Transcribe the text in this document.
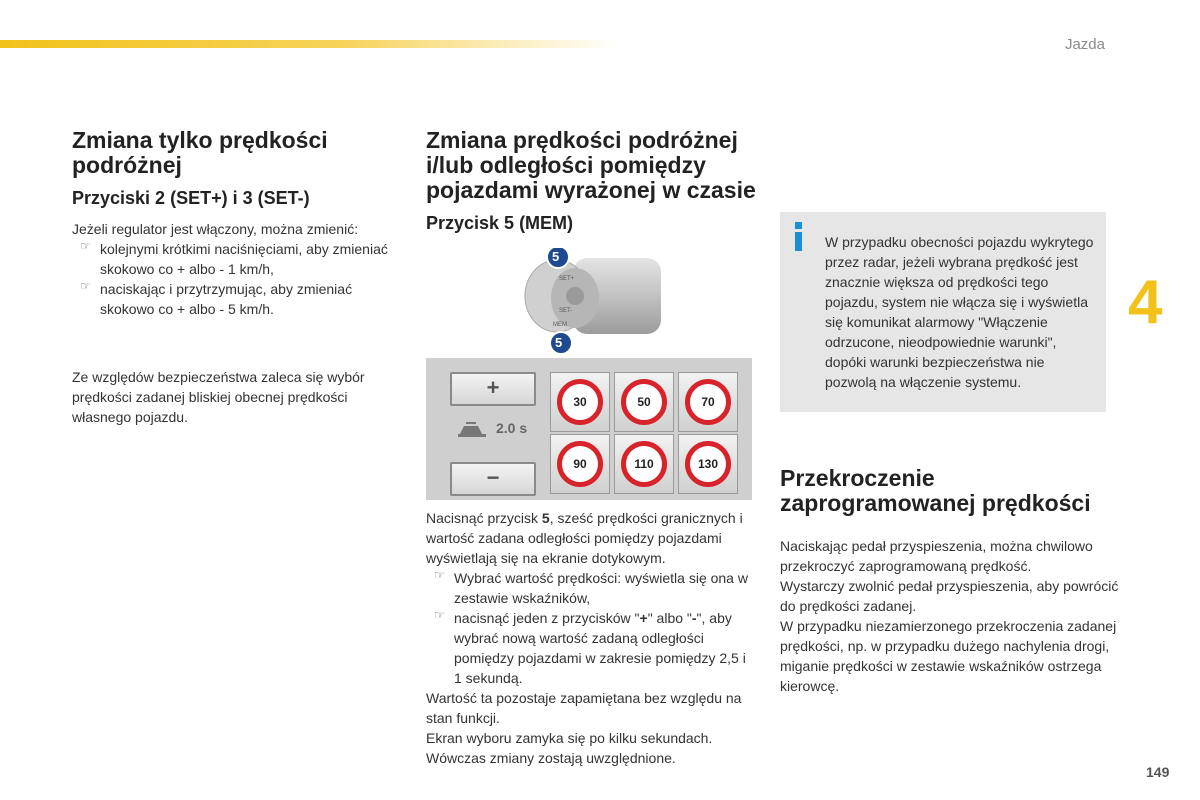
Jazda
4
149
Zmiana tylko prędkości podróżnej
Przyciski 2 (SET+) i 3 (SET-)

Jeżeli regulator jest włączony, można zmienić:

☞ kolejnymi krótkimi naciśnięciami, aby zmieniać skokowo co + albo - 1 km/h,

☞ naciskając i przytrzymując, aby zmieniać skokowo co + albo - 5 km/h.

Ze względów bezpieczeństwa zaleca się wybór prędkości zadanej bliskiej obecnej prędkości własnego pojazdu.

Zmiana prędkości podróżnej i/lub odległości pomiędzy pojazdami wyrażonej w czasie
Przycisk 5 (MEM)
5
5
SET+
SET-
MEM
+
2.0 s
−
30	50	70
90	110	130

Nacisnąć przycisk 5, sześć prędkości granicznych i wartość zadana odległości pomiędzy pojazdami wyświetlają się na ekranie dotykowym.

☞ Wybrać wartość prędkości: wyświetla się ona w zestawie wskaźników,

☞ nacisnąć jeden z przycisków "+" albo "-", aby wybrać nową wartość zadaną odległości pomiędzy pojazdami w zakresie pomiędzy 2,5 i 1 sekundą.

Wartość ta pozostaje zapamiętana bez względu na stan funkcji.

Ekran wyboru zamyka się po kilku sekundach.

Wówczas zmiany zostają uwzględnione.

W przypadku obecności pojazdu wykrytego przez radar, jeżeli wybrana prędkość jest znacznie większa od prędkości tego pojazdu, system nie włącza się i wyświetla się komunikat alarmowy "Włączenie odrzucone, nieodpowiednie warunki", dopóki warunki bezpieczeństwa nie pozwolą na włączenie systemu.

Przekroczenie zaprogramowanej prędkości

Naciskając pedał przyspieszenia, można chwilowo przekroczyć zaprogramowaną prędkość.

Wystarczy zwolnić pedał przyspieszenia, aby powrócić do prędkości zadanej.

W przypadku niezamierzonego przekroczenia zadanej prędkości, np. w przypadku dużego nachylenia drogi, miganie prędkości w zestawie wskaźników ostrzega kierowcę.
